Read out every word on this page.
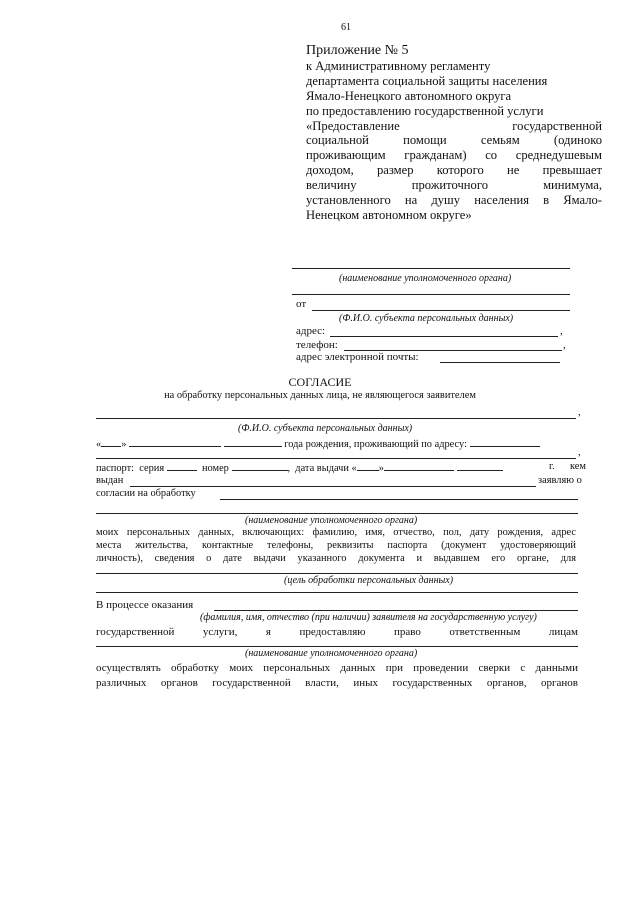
61
Приложение № 5
к Административному регламенту
департамента социальной защиты населения
Ямало-Ненецкого автономного округа
по предоставлению государственной услуги
«Предоставление государственной
социальной помощи семьям (одиноко
проживающим гражданам) со среднедушевым
доходом, размер которого не превышает
величину прожиточного минимума,
установленного на душу населения в Ямало-
Ненецком автономном округе»
(наименование уполномоченного органа)
от
(Ф.И.О. субъекта персональных данных)
адрес:	,
телефон:	,
адрес электронной почты:
СОГЛАСИЕ
на обработку персональных данных лица, не являющегося заявителем
,
(Ф.И.О. субъекта персональных данных)
« »	года рождения, проживающий по адресу:
,
паспорт: серия	номер	,  дата выдачи « »	г. кем
выдан	заявляю о
согласии на обработку
(наименование уполномоченного органа)
моих персональных данных, включающих: фамилию, имя, отчество, пол, дату рождения, адрес
места жительства, контактные телефоны, реквизиты паспорта (документ удостоверяющий
личность), сведения о дате выдачи указанного документа и выдавшем его органе, для
(цель обработки персональных данных)
В процессе оказания
(фамилия, имя, отчество (при наличии) заявителя на государственную услугу)
государственной услуги, я предоставляю право ответственным лицам
(наименование уполномоченного органа)
осуществлять обработку моих персональных данных при проведении сверки с данными
различных органов государственной власти, иных государственных органов, органов
